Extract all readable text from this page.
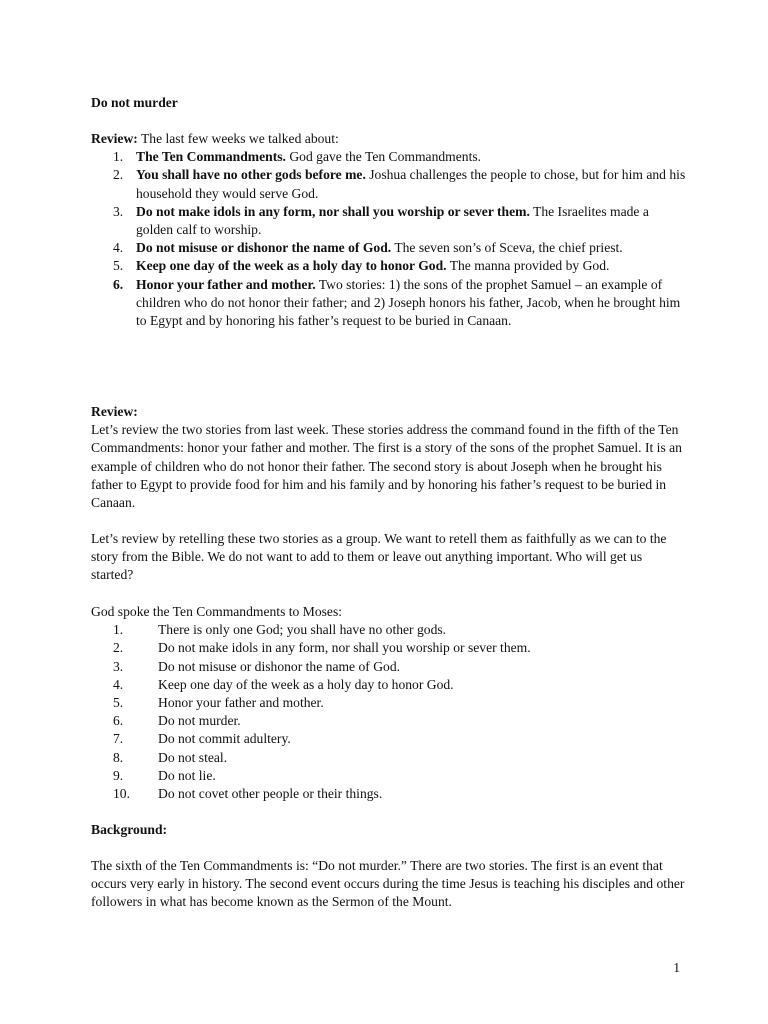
Do not murder

Review: The last few weeks we talked about:

1. The Ten Commandments. God gave the Ten Commandments.
2. You shall have no other gods before me. Joshua challenges the people to chose, but for him and his household they would serve God.
3. Do not make idols in any form, nor shall you worship or sever them. The Israelites made a golden calf to worship.
4. Do not misuse or dishonor the name of God. The seven son’s of Sceva, the chief priest.
5. Keep one day of the week as a holy day to honor God. The manna provided by God.
6. Honor your father and mother. Two stories: 1) the sons of the prophet Samuel – an example of children who do not honor their father; and 2) Joseph honors his father, Jacob, when he brought him to Egypt and by honoring his father’s request to be buried in Canaan.

Review:

Let’s review the two stories from last week. These stories address the command found in the fifth of the Ten Commandments: honor your father and mother. The first is a story of the sons of the prophet Samuel. It is an example of children who do not honor their father. The second story is about Joseph when he brought his father to Egypt to provide food for him and his family and by honoring his father’s request to be buried in Canaan.

Let’s review by retelling these two stories as a group. We want to retell them as faithfully as we can to the story from the Bible. We do not want to add to them or leave out anything important. Who will get us started?

God spoke the Ten Commandments to Moses:

1.	There is only one God; you shall have no other gods.
2.	Do not make idols in any form, nor shall you worship or sever them.
3.	Do not misuse or dishonor the name of God.
4.	Keep one day of the week as a holy day to honor God.
5.	Honor your father and mother.
6.	Do not murder.
7.	Do not commit adultery.
8.	Do not steal.
9.	Do not lie.
10. Do not covet other people or their things.
Background:

The sixth of the Ten Commandments is: “Do not murder.” There are two stories. The first is an event that occurs very early in history. The second event occurs during the time Jesus is teaching his disciples and other followers in what has become known as the Sermon of the Mount.

1
